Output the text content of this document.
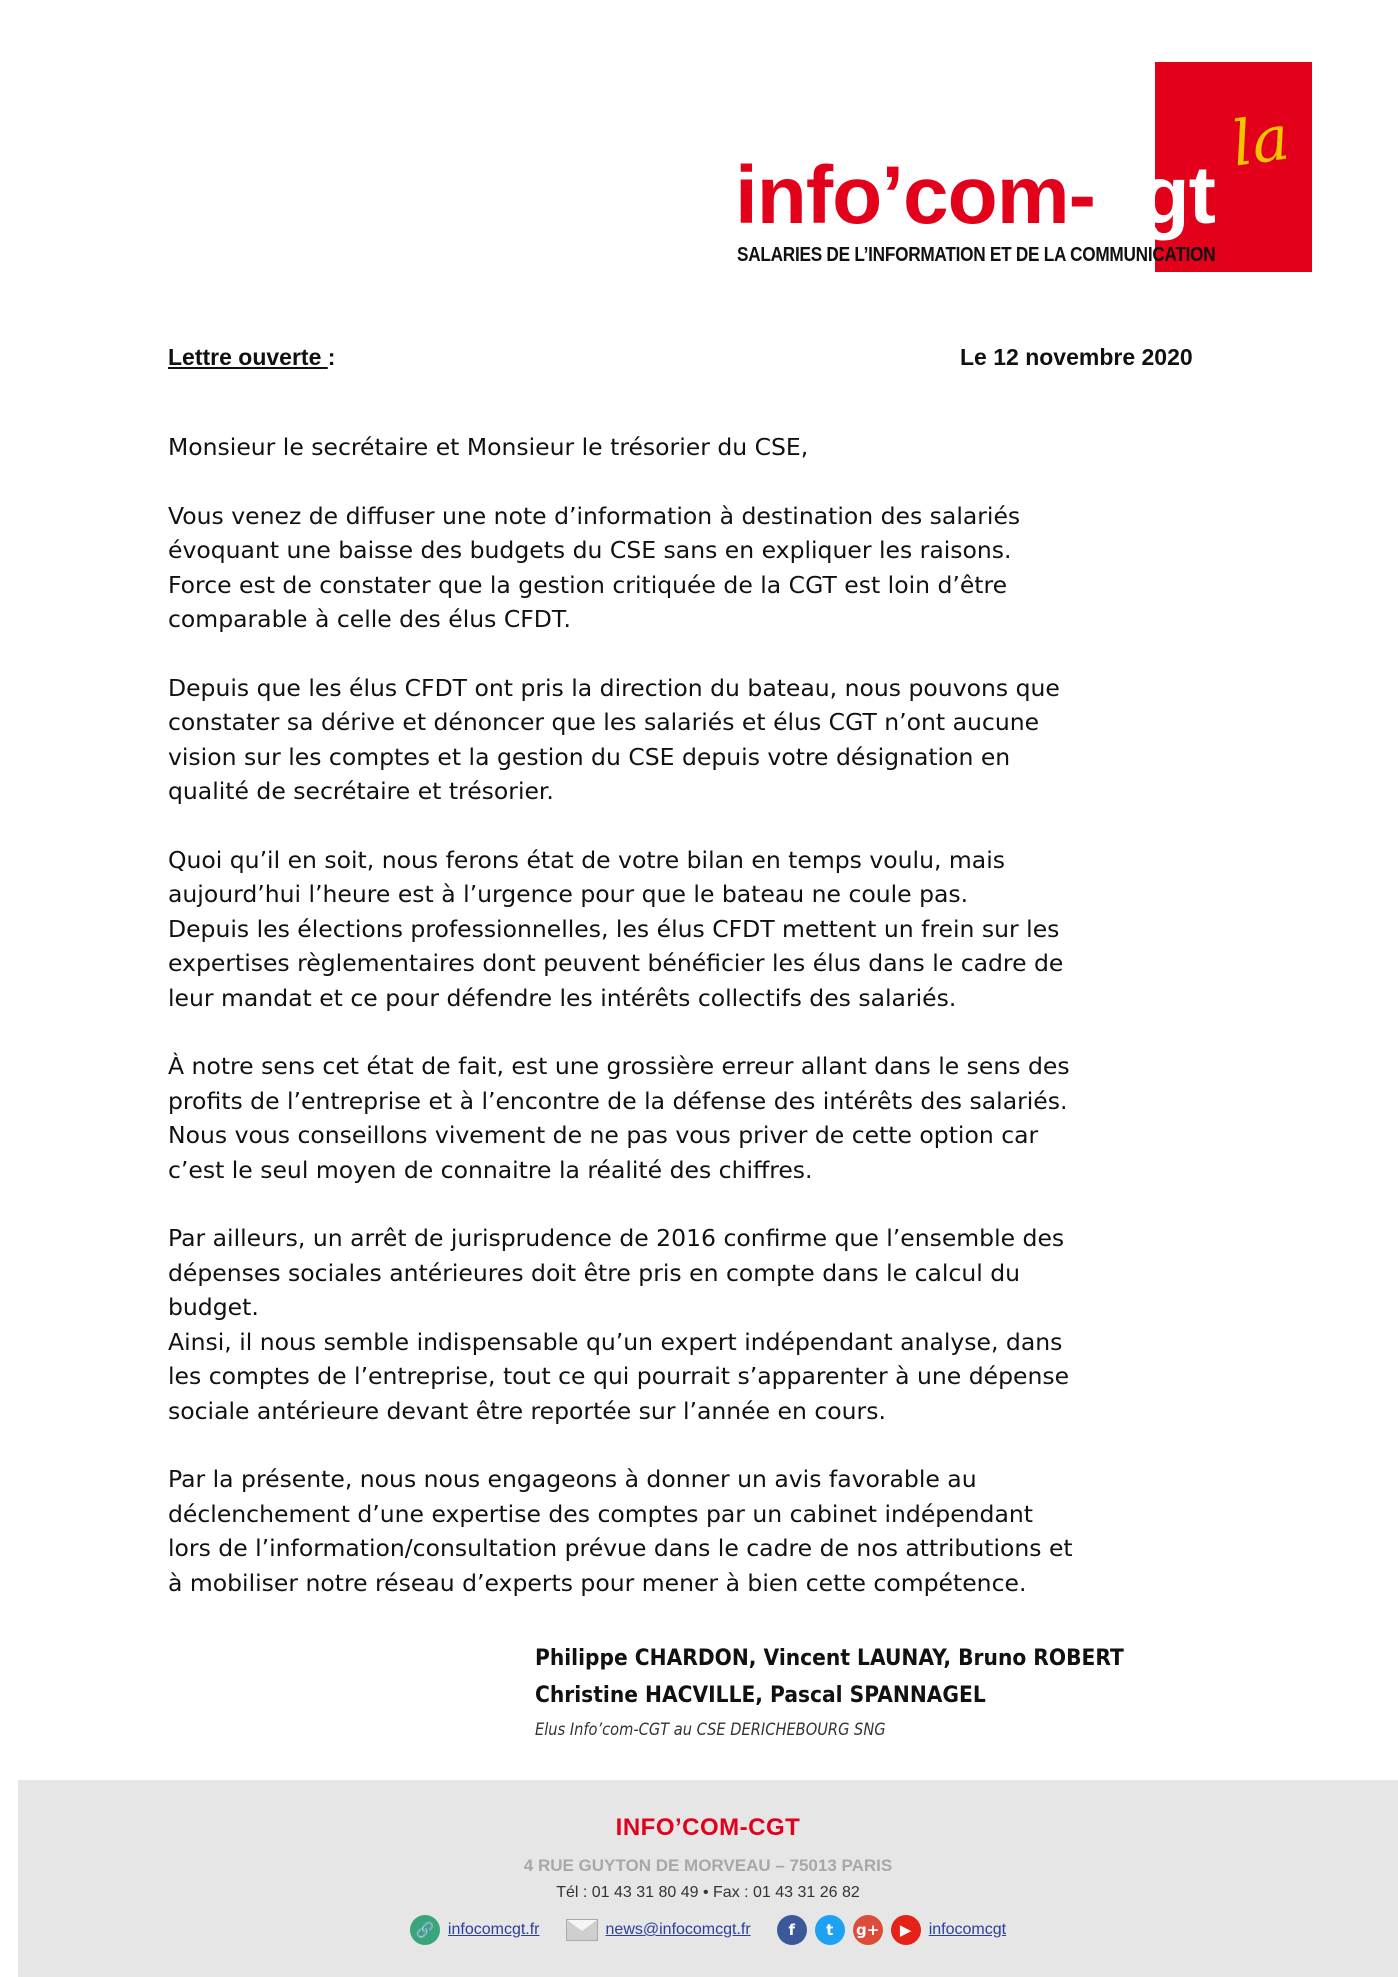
la
info’com-cgt
SALARIES DE L’INFORMATION ET DE LA COMMUNICATION
Lettre ouverte :	Le 12 novembre 2020

Monsieur le secrétaire et Monsieur le trésorier du CSE,

Vous venez de diffuser une note d’information à destination des salariés
évoquant une baisse des budgets du CSE sans en expliquer les raisons.
Force est de constater que la gestion critiquée de la CGT est loin d’être
comparable à celle des élus CFDT.

Depuis que les élus CFDT ont pris la direction du bateau, nous pouvons que
constater sa dérive et dénoncer que les salariés et élus CGT n’ont aucune
vision sur les comptes et la gestion du CSE depuis votre désignation en
qualité de secrétaire et trésorier.

Quoi qu’il en soit, nous ferons état de votre bilan en temps voulu, mais
aujourd’hui l’heure est à l’urgence pour que le bateau ne coule pas.
Depuis les élections professionnelles, les élus CFDT mettent un frein sur les
expertises règlementaires dont peuvent bénéficier les élus dans le cadre de
leur mandat et ce pour défendre les intérêts collectifs des salariés.

À notre sens cet état de fait, est une grossière erreur allant dans le sens des
profits de l’entreprise et à l’encontre de la défense des intérêts des salariés.
Nous vous conseillons vivement de ne pas vous priver de cette option car
c’est le seul moyen de connaitre la réalité des chiffres.

Par ailleurs, un arrêt de jurisprudence de 2016 confirme que l’ensemble des
dépenses sociales antérieures doit être pris en compte dans le calcul du
budget.
Ainsi, il nous semble indispensable qu’un expert indépendant analyse, dans
les comptes de l’entreprise, tout ce qui pourrait s’apparenter à une dépense
sociale antérieure devant être reportée sur l’année en cours.

Par la présente, nous nous engageons à donner un avis favorable au
déclenchement d’une expertise des comptes par un cabinet indépendant
lors de l’information/consultation prévue dans le cadre de nos attributions et
à mobiliser notre réseau d’experts pour mener à bien cette compétence.

Philippe CHARDON, Vincent LAUNAY, Bruno ROBERT
Christine HACVILLE, Pascal SPANNAGEL
Elus Info’com-CGT au CSE DERICHEBOURG SNG
INFO’COM-CGT
4 RUE GUYTON DE MORVEAU – 75013 PARIS
Tél : 01 43 31 80 49 • Fax : 01 43 31 26 82
🔗 infocomcgt.fr	news@infocomcgt.fr	f	t	g+	▶	infocomcgt
